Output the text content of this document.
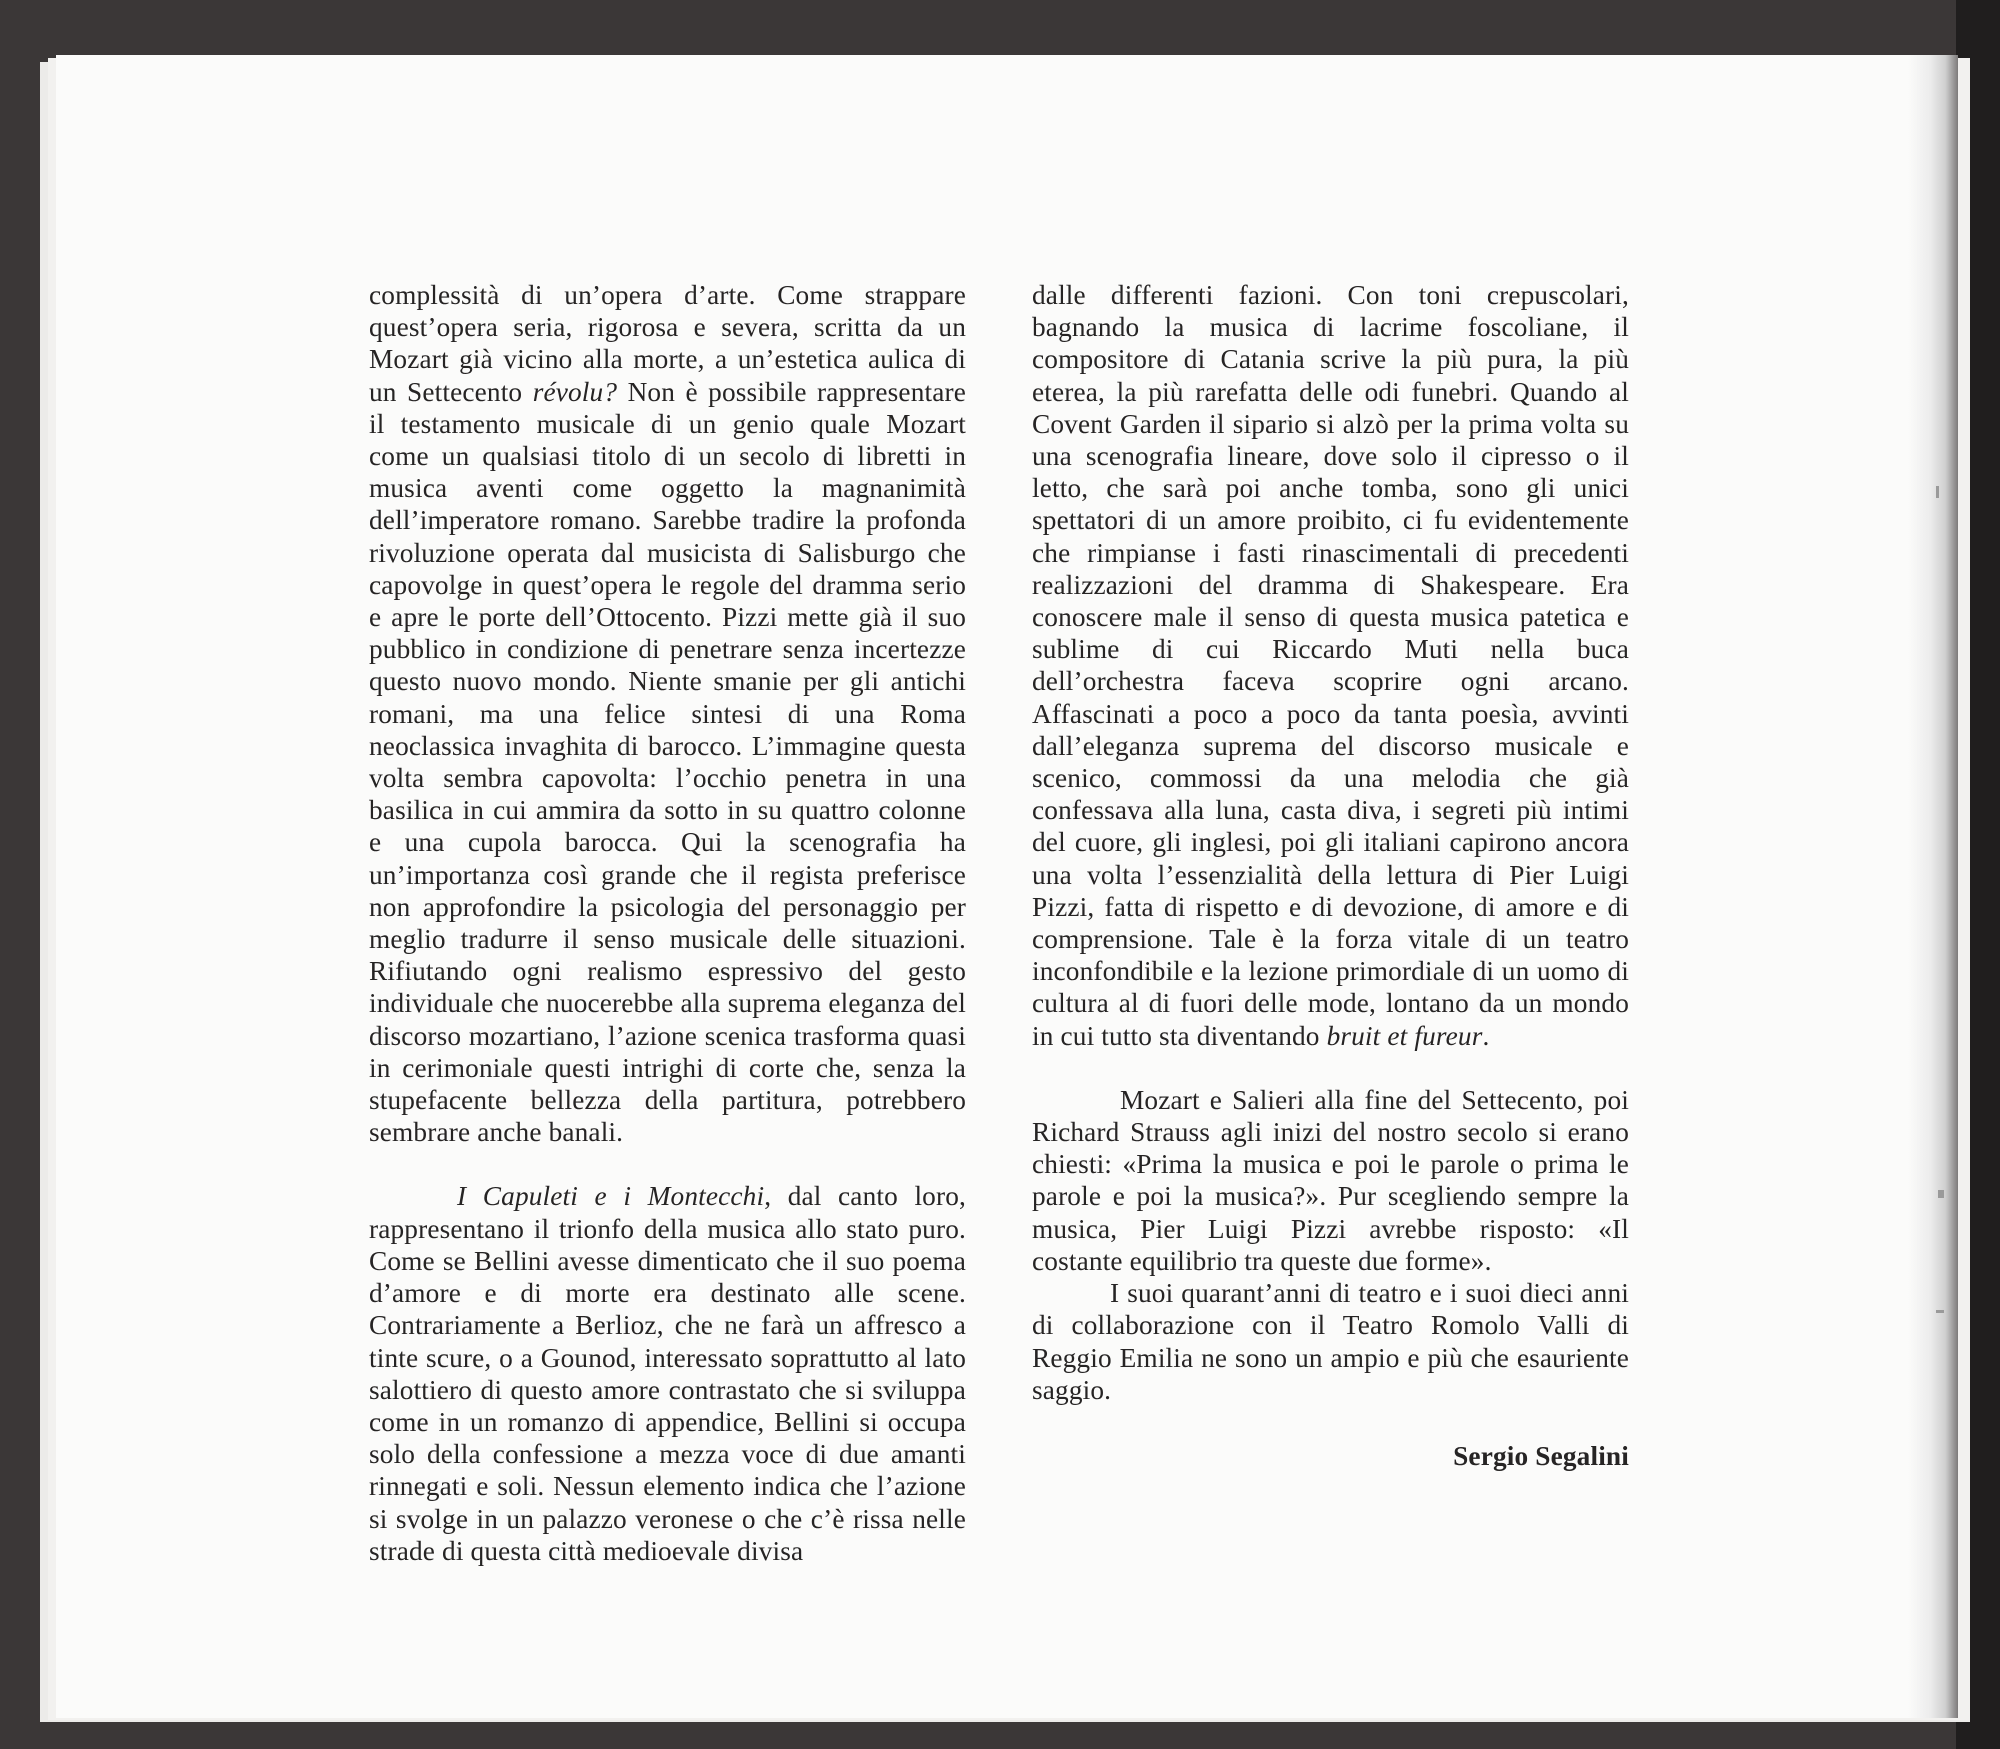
complessità di un’opera d’arte. Come strappare quest’opera seria, rigorosa e severa, scritta da un Mozart già vicino alla morte, a un’estetica aulica di un Settecento révolu? Non è possibile rappresentare il testamento musicale di un genio quale Mozart come un qualsiasi titolo di un secolo di libretti in musica aventi come oggetto la magnanimità dell’imperatore romano. Sarebbe tradire la profonda rivoluzione operata dal musicista di Salisburgo che capovolge in quest’opera le regole del dramma serio e apre le porte dell’Ottocento. Pizzi mette già il suo pubblico in condizione di penetrare senza incertezze questo nuovo mondo. Niente smanie per gli antichi romani, ma una felice sintesi di una Roma neoclassica invaghita di barocco. L’immagine questa volta sembra capovolta: l’occhio penetra in una basilica in cui ammira da sotto in su quattro colonne e una cupola barocca. Qui la scenografia ha un’importanza così grande che il regista preferisce non approfondire la psicologia del personaggio per meglio tradurre il senso musicale delle situazioni. Rifiutando ogni realismo espressivo del gesto individuale che nuocerebbe alla suprema eleganza del discorso mozartiano, l’azione scenica trasforma quasi in cerimoniale questi intrighi di corte che, senza la stupefacente bellezza della partitura, potrebbero sembrare anche banali.

I Capuleti e i Montecchi, dal canto loro, rappresentano il trionfo della musica allo stato puro. Come se Bellini avesse dimenticato che il suo poema d’amore e di morte era destinato alle scene. Contrariamente a Berlioz, che ne farà un affresco a tinte scure, o a Gounod, interessato soprattutto al lato salottiero di questo amore contrastato che si sviluppa come in un romanzo di appendice, Bellini si occupa solo della confessione a mezza voce di due amanti rinnegati e soli. Nessun elemento indica che l’azione si svolge in un palazzo veronese o che c’è rissa nelle strade di questa città medioevale divisa

dalle differenti fazioni. Con toni crepuscolari, bagnando la musica di lacrime foscoliane, il compositore di Catania scrive la più pura, la più eterea, la più rarefatta delle odi funebri. Quando al Covent Garden il sipario si alzò per la prima volta su una scenografia lineare, dove solo il cipresso o il letto, che sarà poi anche tomba, sono gli unici spettatori di un amore proibito, ci fu evidentemente che rimpianse i fasti rinascimentali di precedenti realizzazioni del dramma di Shakespeare. Era conoscere male il senso di questa musica patetica e sublime di cui Riccardo Muti nella buca dell’orchestra faceva scoprire ogni arcano. Affascinati a poco a poco da tanta poesìa, avvinti dall’eleganza suprema del discorso musicale e scenico, commossi da una melodia che già confessava alla luna, casta diva, i segreti più intimi del cuore, gli inglesi, poi gli italiani capirono ancora una volta l’essenzialità della lettura di Pier Luigi Pizzi, fatta di rispetto e di devozione, di amore e di comprensione. Tale è la forza vitale di un teatro inconfondibile e la lezione primordiale di un uomo di cultura al di fuori delle mode, lontano da un mondo in cui tutto sta diventando bruit et fureur.

Mozart e Salieri alla fine del Settecento, poi Richard Strauss agli inizi del nostro secolo si erano chiesti: «Prima la musica e poi le parole o prima le parole e poi la musica?». Pur scegliendo sempre la musica, Pier Luigi Pizzi avrebbe risposto: «Il costante equilibrio tra queste due forme».

I suoi quarant’anni di teatro e i suoi dieci anni di collaborazione con il Teatro Romolo Valli di Reggio Emilia ne sono un ampio e più che esauriente saggio.

Sergio Segalini
